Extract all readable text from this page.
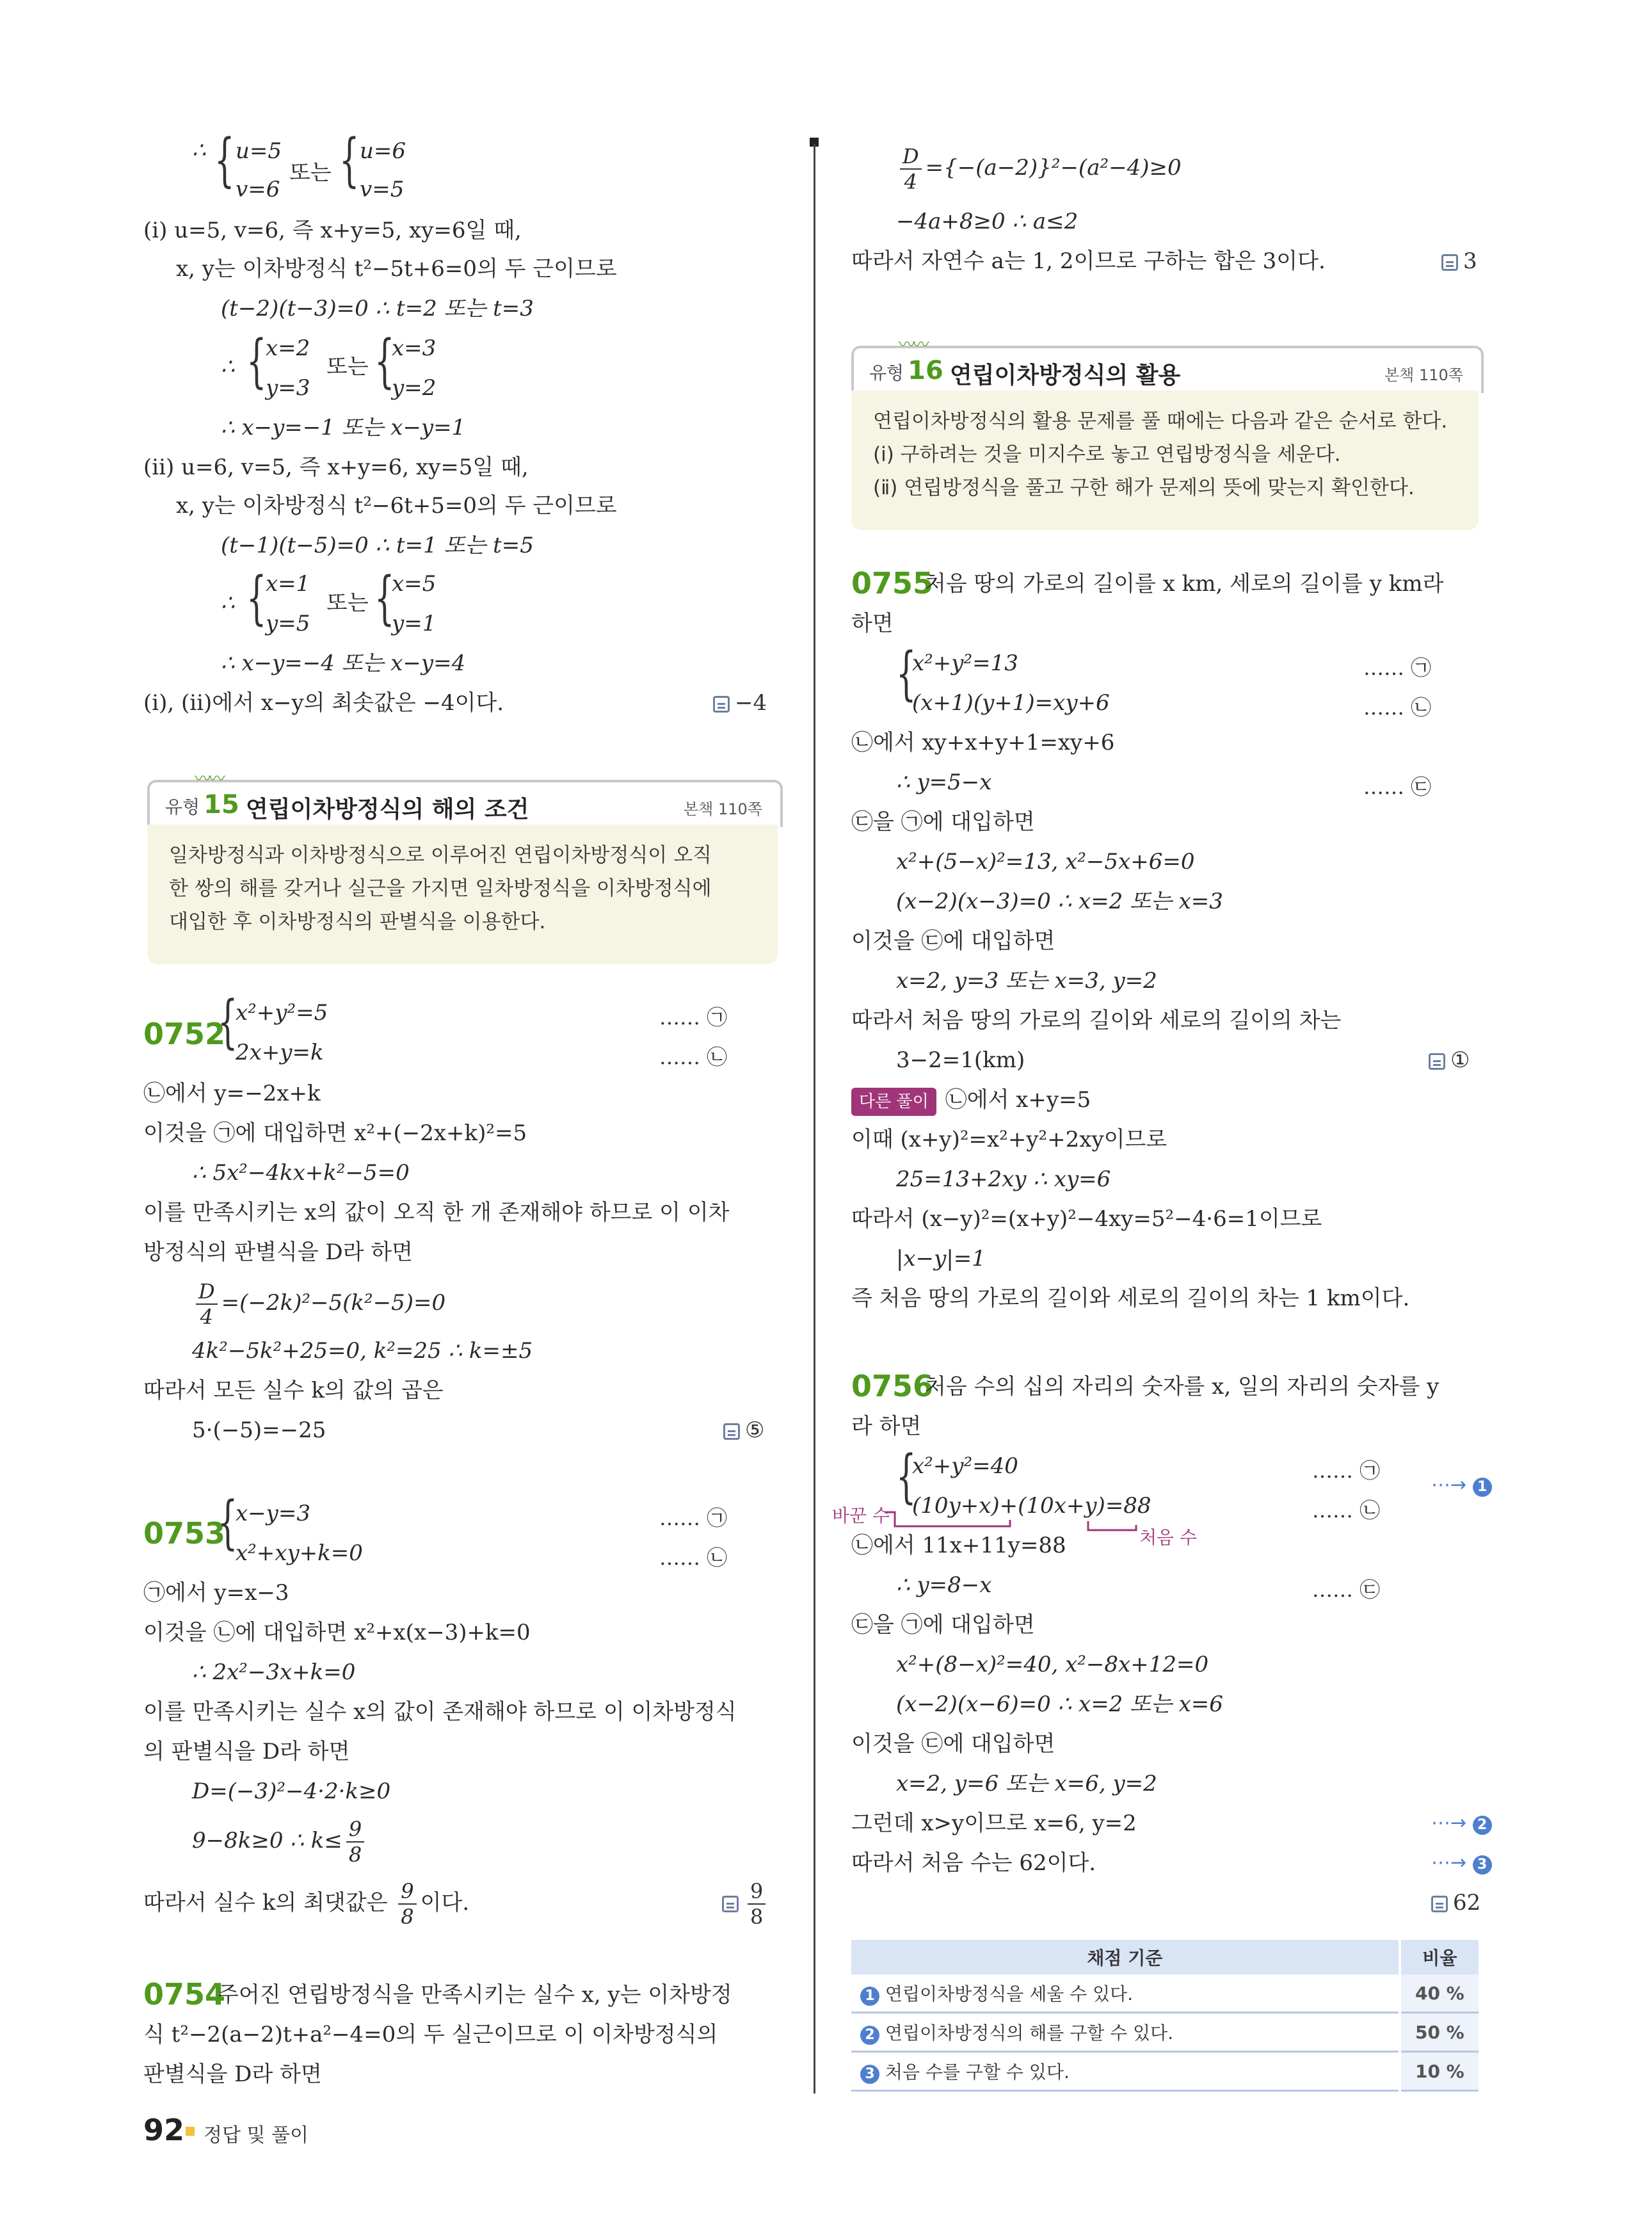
∴ { u=5
v=6
또는 { u=6
v=5
(ⅰ) u=5, v=6, 즉 x+y=5, xy=6일 때,
x, y는 이차방정식 t²−5t+6=0의 두 근이므로
(t−2)(t−3)=0 ∴ t=2 또는 t=3
∴ {
x=2
y=3
또는 {
x=3
y=2
∴ x−y=−1 또는 x−y=1
(ⅱ) u=6, v=5, 즉 x+y=6, xy=5일 때,
x, y는 이차방정식 t²−6t+5=0의 두 근이므로
(t−1)(t−5)=0 ∴ t=1 또는 t=5
∴ {
x=1
y=5
또는 {
x=5
y=1
∴ x−y=−4 또는 x−y=4
(ⅰ), (ⅱ)에서 x−y의 최솟값은 −4이다.	−4
〰〰
유형 15 연립이차방정식의 해의 조건	본책 110쪽
일차방정식과 이차방정식으로 이루어진 연립이차방정식이 오직
한 쌍의 해를 갖거나 실근을 가지면 일차방정식을 이차방정식에
대입한 후 이차방정식의 판별식을 이용한다.
0752
{
x²+y²=5
2x+y=k
…… ㉠
…… ㉡
㉡에서 y=−2x+k
이것을 ㉠에 대입하면 x²+(−2x+k)²=5
∴ 5x²−4kx+k²−5=0
이를 만족시키는 x의 값이 오직 한 개 존재해야 하므로 이 이차
방정식의 판별식을 D라 하면
$\frac{D}{4} =(-2k)^2-5(k^2-5)=0$
4k²−5k²+25=0, k²=25 ∴ k=±5
따라서 모든 실수 k의 값의 곱은
5·(−5)=−25	⑤
0753
{
x−y=3
x²+xy+k=0
…… ㉠
…… ㉡
㉠에서 y=x−3
이것을 ㉡에 대입하면 x²+x(x−3)+k=0
∴ 2x²−3x+k=0
이를 만족시키는 실수 x의 값이 존재해야 하므로 이 이차방정식
의 판별식을 D라 하면
D=(−3)²−4·2·k≥0
9−8k≥0 ∴ $k\le \frac{9}{8}$
따라서 실수 k의 최댓값은 $\frac{9}{8}$ 이다.	$\frac{9}{8}$
0754
주어진 연립방정식을 만족시키는 실수 x, y는 이차방정
식 t²−2(a−2)t+a²−4=0의 두 실근이므로 이 이차방정식의
판별식을 D라 하면
$\frac{D}{4} =\{-(a-2)\}^2-(a^2-4)\ge 0$
−4a+8≥0 ∴ a≤2
따라서 자연수 a는 1, 2이므로 구하는 합은 3이다.	3
〰〰
유형 16 연립이차방정식의 활용	본책 110쪽
연립이차방정식의 활용 문제를 풀 때에는 다음과 같은 순서로 한다.
(ⅰ) 구하려는 것을 미지수로 놓고 연립방정식을 세운다.
(ⅱ) 연립방정식을 풀고 구한 해가 문제의 뜻에 맞는지 확인한다.
0755
처음 땅의 가로의 길이를 x km, 세로의 길이를 y km라
하면
{
x²+y²=13
(x+1)(y+1)=xy+6
…… ㉠
…… ㉡
㉡에서 xy+x+y+1=xy+6
∴ y=5−x	…… ㉢
㉢을 ㉠에 대입하면
x²+(5−x)²=13, x²−5x+6=0
(x−2)(x−3)=0 ∴ x=2 또는 x=3
이것을 ㉢에 대입하면
x=2, y=3 또는 x=3, y=2
따라서 처음 땅의 가로의 길이와 세로의 길이의 차는
3−2=1(km)	①
다른 풀이 ㉡에서 x+y=5
이때 (x+y)²=x²+y²+2xy이므로
25=13+2xy ∴ xy=6
따라서 (x−y)²=(x+y)²−4xy=5²−4·6=1이므로
|x−y|=1
즉 처음 땅의 가로의 길이와 세로의 길이의 차는 1 km이다.
0756
처음 수의 십의 자리의 숫자를 x, 일의 자리의 숫자를 y
라 하면
{
x²+y²=40
(10y+x)+(10x+y)=88
…… ㉠
…… ㉡
⋯→ 1
바꾼 수
처음 수
㉡에서 11x+11y=88
∴ y=8−x	…… ㉢
㉢을 ㉠에 대입하면
x²+(8−x)²=40, x²−8x+12=0
(x−2)(x−6)=0 ∴ x=2 또는 x=6
이것을 ㉢에 대입하면
x=2, y=6 또는 x=6, y=2
그런데 x>y이므로 x=6, y=2	⋯→ 2
따라서 처음 수는 62이다.	⋯→ 3
62
채점 기준	비율
1 연립이차방정식을 세울 수 있다.	40 %
2 연립이차방정식의 해를 구할 수 있다.	50 %
3 처음 수를 구할 수 있다.	10 %
92 정답 및 풀이
